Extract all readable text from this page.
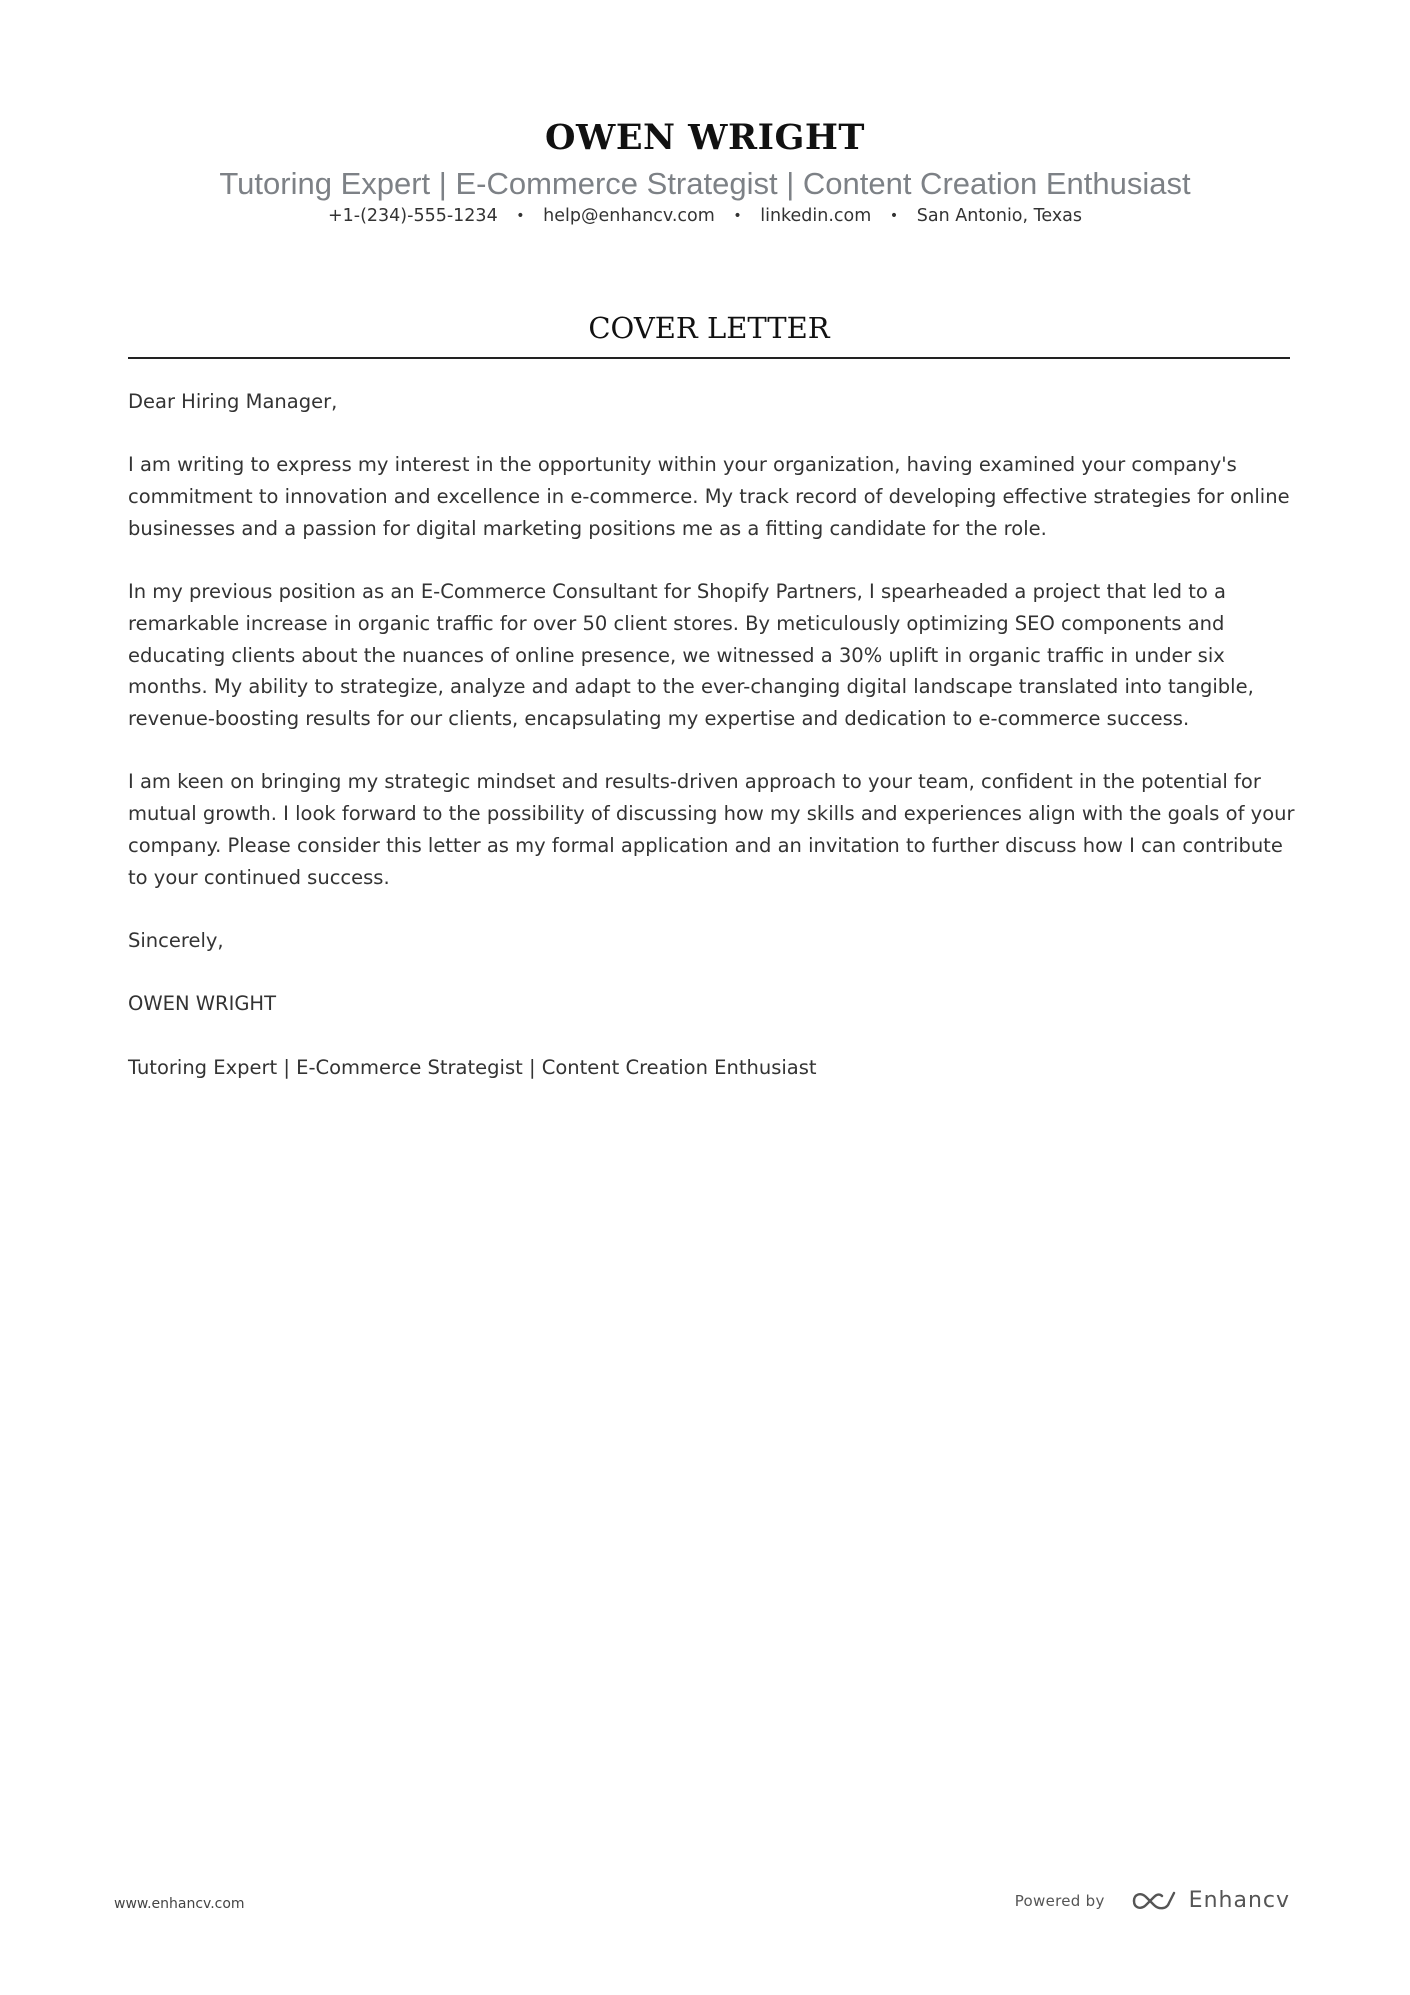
OWEN WRIGHT
Tutoring Expert | E-Commerce Strategist | Content Creation Enthusiast
+1-(234)-555-1234 • help@enhancv.com • linkedin.com • San Antonio, Texas
COVER LETTER

Dear Hiring Manager,

I am writing to express my interest in the opportunity within your organization, having examined your company's commitment to innovation and excellence in e-commerce. My track record of developing effective strategies for online businesses and a passion for digital marketing positions me as a fitting candidate for the role.

In my previous position as an E-Commerce Consultant for Shopify Partners, I spearheaded a project that led to a remarkable increase in organic traffic for over 50 client stores. By meticulously optimizing SEO components and educating clients about the nuances of online presence, we witnessed a 30% uplift in organic traffic in under six months. My ability to strategize, analyze and adapt to the ever-changing digital landscape translated into tangible, revenue-boosting results for our clients, encapsulating my expertise and dedication to e-commerce success.

I am keen on bringing my strategic mindset and results-driven approach to your team, confident in the potential for mutual growth. I look forward to the possibility of discussing how my skills and experiences align with the goals of your company. Please consider this letter as my formal application and an invitation to further discuss how I can contribute to your continued success.

Sincerely,

OWEN WRIGHT

Tutoring Expert | E-Commerce Strategist | Content Creation Enthusiast

www.enhancv.com	Powered by	Enhancv
